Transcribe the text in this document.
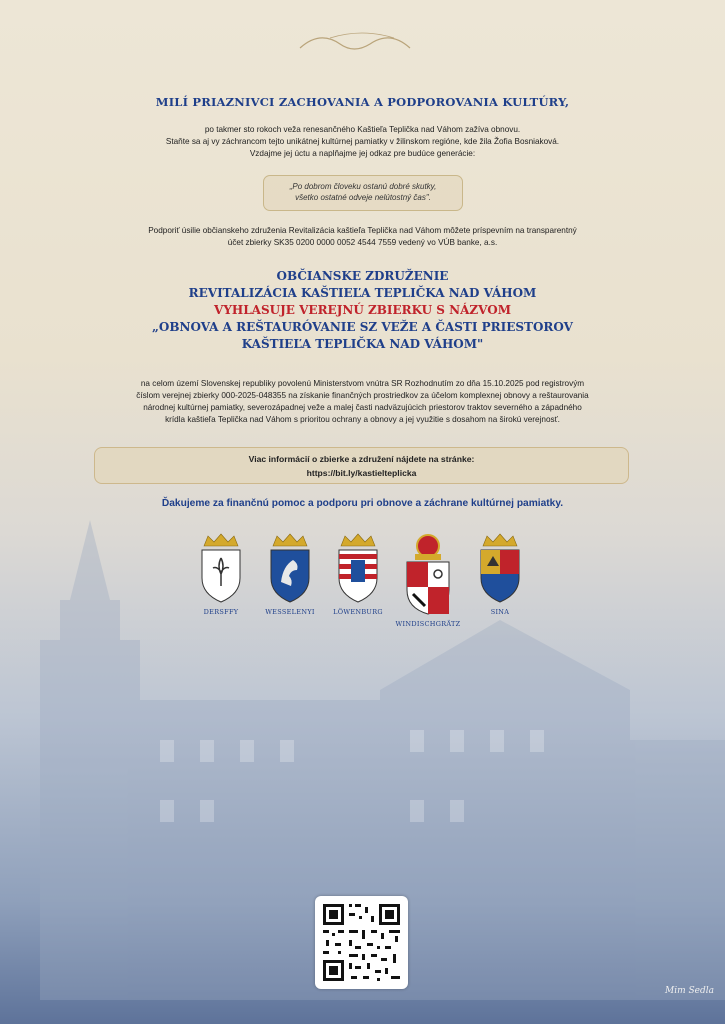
MILÍ PRIAZNIVCI ZACHOVANIA A PODPOROVANIA KULTÚRY,
po takmer sto rokoch veža renesančného Kaštieľa Teplička nad Váhom zažíva obnovu.
Staňte sa aj vy záchrancom tejto unikátnej kultúrnej pamiatky v žilinskom regióne, kde žila Žofia Bosniaková.
Vzdajme jej úctu a naplňajme jej odkaz pre budúce generácie:
„Po dobrom človeku ostanú dobré skutky,
všetko ostatné odveje nelútostný čas".
Podporiť úsilie občianskeho združenia Revitalizácia kaštieľa Teplička nad Váhom môžete príspevním na transparentný
účet zbierky SK35 0200 0000 0052 4544 7559 vedený vo VÚB banke, a.s.
OBČIANSKE ZDRUŽENIE
REVITALIZÁCIA KAŠTIEĽA TEPLIČKA NAD VÁHOM
VYHLASUJE VEREJNÚ ZBIERKU S NÁZVOM
„OBNOVA A REŠTAURÓVANIE SZ VEŽE A ČASTI PRIESTOROV
KAŠTIEĽA TEPLIČKA NAD VÁHOM"
na celom území Slovenskej republiky povolenú Ministerstvom vnútra SR Rozhodnutím zo dňa 15.10.2025 pod registrovým
číslom verejnej zbierky 000-2025-048355 na získanie finančných prostriedkov za účelom komplexnej obnovy a reštaurovania
národnej kultúrnej pamiatky, severozápadnej veže a malej časti nadväzujúcich priestorov traktov severného a západného
krídla kaštieľa Teplička nad Váhom s prioritou ochrany a obnovy a jej využitie s dosahom na širokú verejnosť.
Viac informácií o zbierke a združení nájdete na stránke:
https://bit.ly/kastielteplicka
Ďakujeme za finančnú pomoc a podporu pri obnove a záchrane kultúrnej pamiatky.
DERSFFY	WESSELENYI	LÖWENBURG
WINDISCHGRÄTZ
SINA
Mim Sedla
